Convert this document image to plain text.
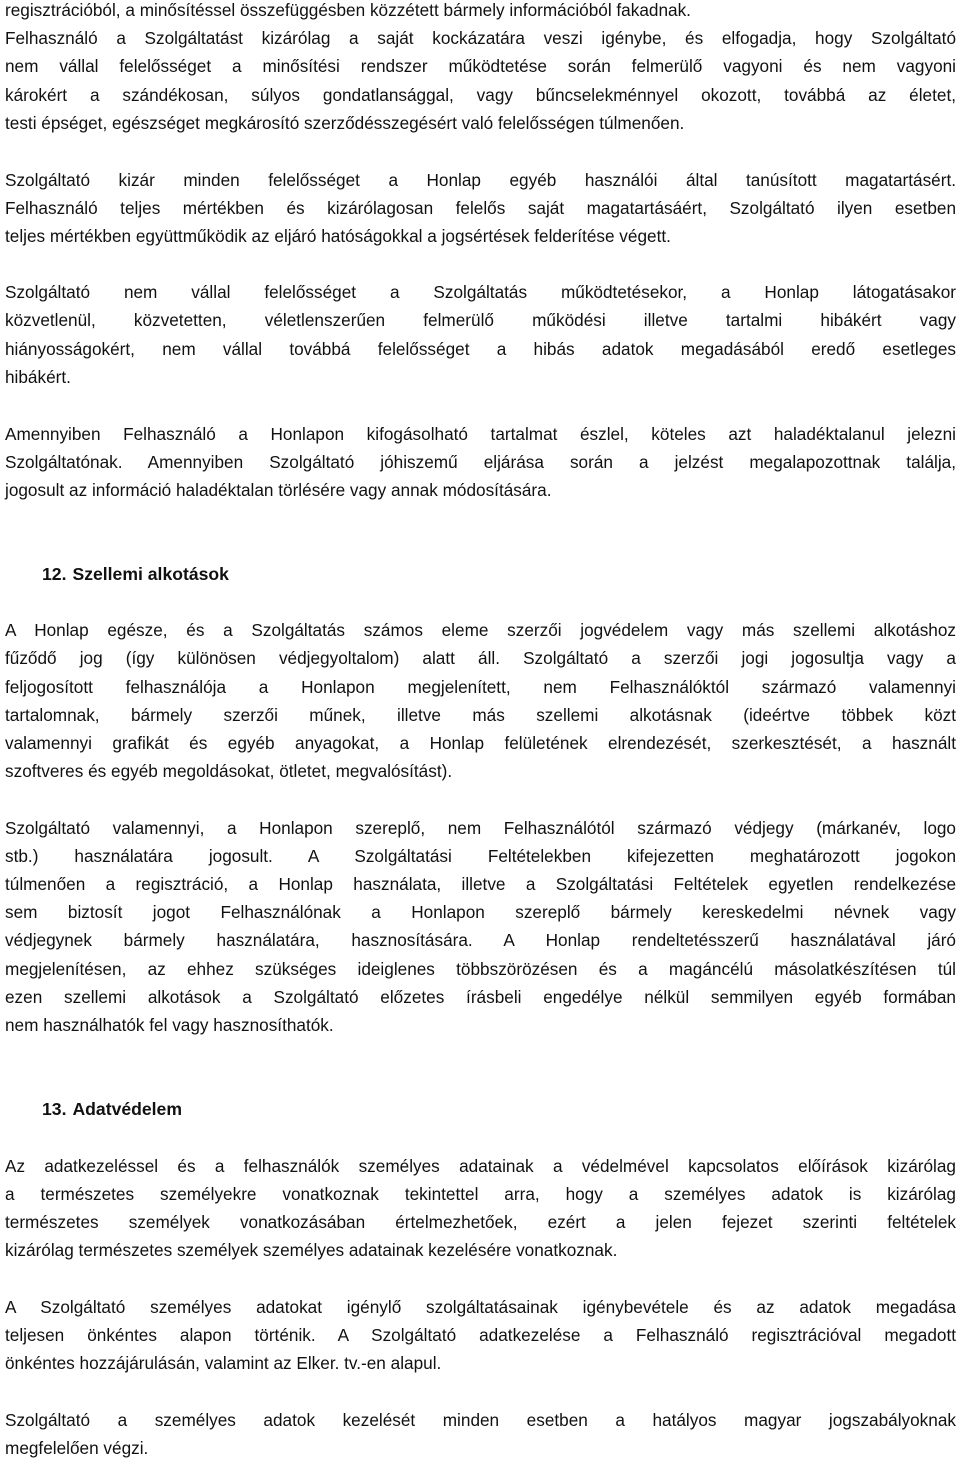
regisztrációból, a minősítéssel összefüggésben közzétett bármely információból fakadnak.
Felhasználó a Szolgáltatást kizárólag a saját kockázatára veszi igénybe, és elfogadja, hogy Szolgáltató
nem vállal felelősséget a minősítési rendszer működtetése során felmerülő vagyoni és nem vagyoni
károkért a szándékosan, súlyos gondatlansággal, vagy bűncselekménnyel okozott, továbbá az életet,
testi épséget, egészséget megkárosító szerződésszegésért való felelősségen túlmenően.
Szolgáltató kizár minden felelősséget a Honlap egyéb használói által tanúsított magatartásért.
Felhasználó teljes mértékben és kizárólagosan felelős saját magatartásáért, Szolgáltató ilyen esetben
teljes mértékben együttműködik az eljáró hatóságokkal a jogsértések felderítése végett.
Szolgáltató nem vállal felelősséget a Szolgáltatás működtetésekor, a Honlap látogatásakor
közvetlenül, közvetetten, véletlenszerűen felmerülő működési illetve tartalmi hibákért vagy
hiányosságokért, nem vállal továbbá felelősséget a hibás adatok megadásából eredő esetleges
hibákért.
Amennyiben Felhasználó a Honlapon kifogásolható tartalmat észlel, köteles azt haladéktalanul jelezni
Szolgáltatónak. Amennyiben Szolgáltató jóhiszemű eljárása során a jelzést megalapozottnak találja,
jogosult az információ haladéktalan törlésére vagy annak módosítására.
12. Szellemi alkotások
A Honlap egésze, és a Szolgáltatás számos eleme szerzői jogvédelem vagy más szellemi alkotáshoz
fűződő jog (így különösen védjegyoltalom) alatt áll. Szolgáltató a szerzői jogi jogosultja vagy a
feljogosított felhasználója a Honlapon megjelenített, nem Felhasználóktól származó valamennyi
tartalomnak, bármely szerzői műnek, illetve más szellemi alkotásnak (ideértve többek közt
valamennyi grafikát és egyéb anyagokat, a Honlap felületének elrendezését, szerkesztését, a használt
szoftveres és egyéb megoldásokat, ötletet, megvalósítást).
Szolgáltató valamennyi, a Honlapon szereplő, nem Felhasználótól származó védjegy (márkanév, logo
stb.) használatára jogosult. A Szolgáltatási Feltételekben kifejezetten meghatározott jogokon
túlmenően a regisztráció, a Honlap használata, illetve a Szolgáltatási Feltételek egyetlen rendelkezése
sem biztosít jogot Felhasználónak a Honlapon szereplő bármely kereskedelmi névnek vagy
védjegynek bármely használatára, hasznosítására. A Honlap rendeltetésszerű használatával járó
megjelenítésen, az ehhez szükséges ideiglenes többszörözésen és a magáncélú másolatkészítésen túl
ezen szellemi alkotások a Szolgáltató előzetes írásbeli engedélye nélkül semmilyen egyéb formában
nem használhatók fel vagy hasznosíthatók.
13. Adatvédelem
Az adatkezeléssel és a felhasználók személyes adatainak a védelmével kapcsolatos előírások kizárólag
a természetes személyekre vonatkoznak tekintettel arra, hogy a személyes adatok is kizárólag
természetes személyek vonatkozásában értelmezhetőek, ezért a jelen fejezet szerinti feltételek
kizárólag természetes személyek személyes adatainak kezelésére vonatkoznak.
A Szolgáltató személyes adatokat igénylő szolgáltatásainak igénybevétele és az adatok megadása
teljesen önkéntes alapon történik. A Szolgáltató adatkezelése a Felhasználó regisztrációval megadott
önkéntes hozzájárulásán, valamint az Elker. tv.-en alapul.
Szolgáltató a személyes adatok kezelését minden esetben a hatályos magyar jogszabályoknak
megfelelően végzi.
